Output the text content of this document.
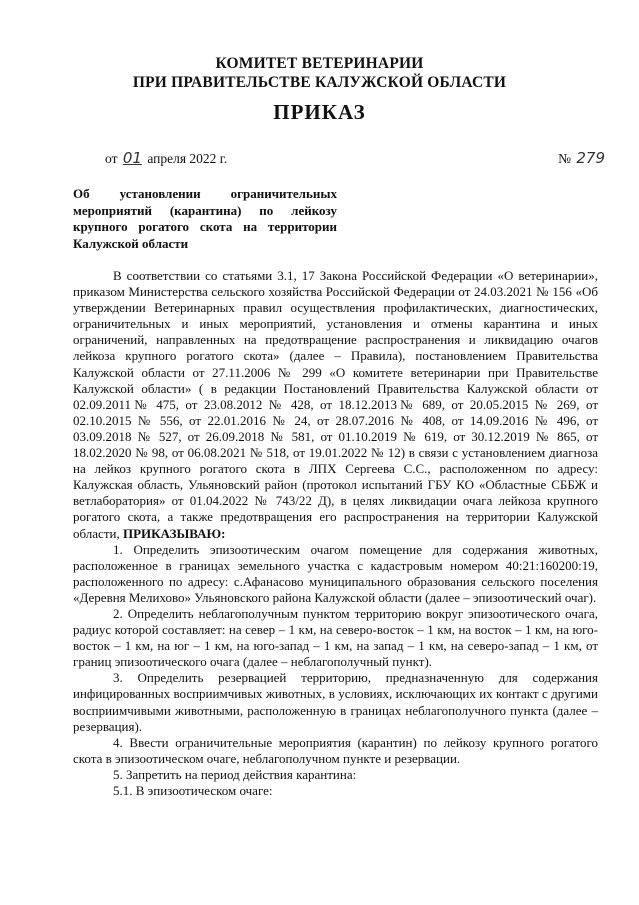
КОМИТЕТ ВЕТЕРИНАРИИ

ПРИ ПРАВИТЕЛЬСТВЕ КАЛУЖСКОЙ ОБЛАСТИ

ПРИКАЗ
от 01 апреля 2022 г.	№ 279
Об установлении ограничительных мероприятий (карантина) по лейкозу крупного рогатого скота на территории Калужской области

В соответствии со статьями 3.1, 17 Закона Российской Федерации «О ветеринарии», приказом Министерства сельского хозяйства Российской Федерации от 24.03.2021 № 156 «Об утверждении Ветеринарных правил осуществления профилактических, диагностических, ограничительных и иных мероприятий, установления и отмены карантина и иных ограничений, направленных на предотвращение распространения и ликвидацию очагов лейкоза крупного рогатого скота» (далее – Правила), постановлением Правительства Калужской области от 27.11.2006 № 299 «О комитете ветеринарии при Правительстве Калужской области» ( в редакции Постановлений Правительства Калужской области от 02.09.2011№ 475, от 23.08.2012 № 428, от 18.12.2013№ 689, от 20.05.2015 № 269, от 02.10.2015 № 556, от 22.01.2016 № 24, от 28.07.2016 № 408, от 14.09.2016 № 496, от 03.09.2018 № 527, от 26.09.2018 № 581, от 01.10.2019 № 619, от 30.12.2019 № 865, от 18.02.2020 № 98, от 06.08.2021 № 518, от 19.01.2022 № 12) в связи с установлением диагноза на лейкоз крупного рогатого скота в ЛПХ Сергеева С.С., расположенном по адресу: Калужская область, Ульяновский район (протокол испытаний ГБУ КО «Областные СББЖ и ветлаборатория» от 01.04.2022 № 743/22 Д), в целях ликвидации очага лейкоза крупного рогатого скота, а также предотвращения его распространения на территории Калужской области, ПРИКАЗЫВАЮ:

1. Определить эпизоотическим очагом помещение для содержания животных, расположенное в границах земельного участка с кадастровым номером 40:21:160200:19, расположенного по адресу: с.Афанасово муниципального образования сельского поселения «Деревня Мелихово» Ульяновского района Калужской области (далее – эпизоотический очаг).

2. Определить неблагополучным пунктом территорию вокруг эпизоотического очага, радиус которой составляет: на север – 1 км, на северо-восток – 1 км, на восток – 1 км, на юго-восток – 1 км, на юг – 1 км, на юго-запад – 1 км, на запад – 1 км, на северо-запад – 1 км, от границ эпизоотического очага (далее – неблагополучный пункт).

3. Определить резервацией территорию, предназначенную для содержания инфицированных восприимчивых животных, в условиях, исключающих их контакт с другими восприимчивыми животными, расположенную в границах неблагополучного пункта (далее – резервация).

4. Ввести ограничительные мероприятия (карантин) по лейкозу крупного рогатого скота в эпизоотическом очаге, неблагополучном пункте и резервации.

5. Запретить на период действия карантина:

5.1. В эпизоотическом очаге:
